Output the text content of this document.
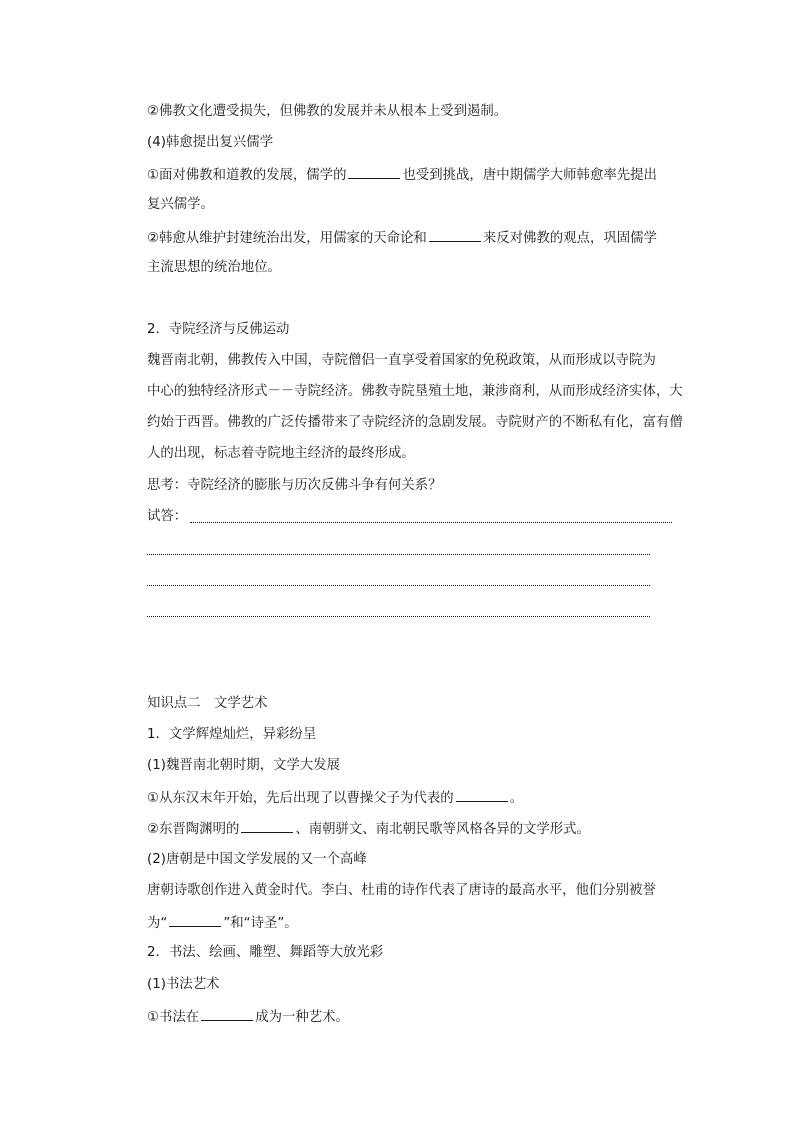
②佛教文化遭受损失，但佛教的发展并未从根本上受到遏制。
(4)韩愈提出复兴儒学
①面对佛教和道教的发展，儒学的	也受到挑战，唐中期儒学大师韩愈率先提出
复兴儒学。
②韩愈从维护封建统治出发，用儒家的天命论和	来反对佛教的观点，巩固儒学
主流思想的统治地位。
2．寺院经济与反佛运动
魏晋南北朝，佛教传入中国，寺院僧侣一直享受着国家的免税政策，从而形成以寺院为
中心的独特经济形式－－寺院经济。佛教寺院垦殖土地，兼涉商利，从而形成经济实体，大
约始于西晋。佛教的广泛传播带来了寺院经济的急剧发展。寺院财产的不断私有化，富有僧
人的出现，标志着寺院地主经济的最终形成。
思考：寺院经济的膨胀与历次反佛斗争有何关系？
试答：
知识点二　文学艺术
1．文学辉煌灿烂，异彩纷呈
(1)魏晋南北朝时期，文学大发展
①从东汉末年开始，先后出现了以曹操父子为代表的	。
②东晋陶渊明的	、南朝骈文、南北朝民歌等风格各异的文学形式。
(2)唐朝是中国文学发展的又一个高峰
唐朝诗歌创作进入黄金时代。李白、杜甫的诗作代表了唐诗的最高水平，他们分别被誉
为“	”和“诗圣”。
2．书法、绘画、雕塑、舞蹈等大放光彩
(1)书法艺术
①书法在	成为一种艺术。
